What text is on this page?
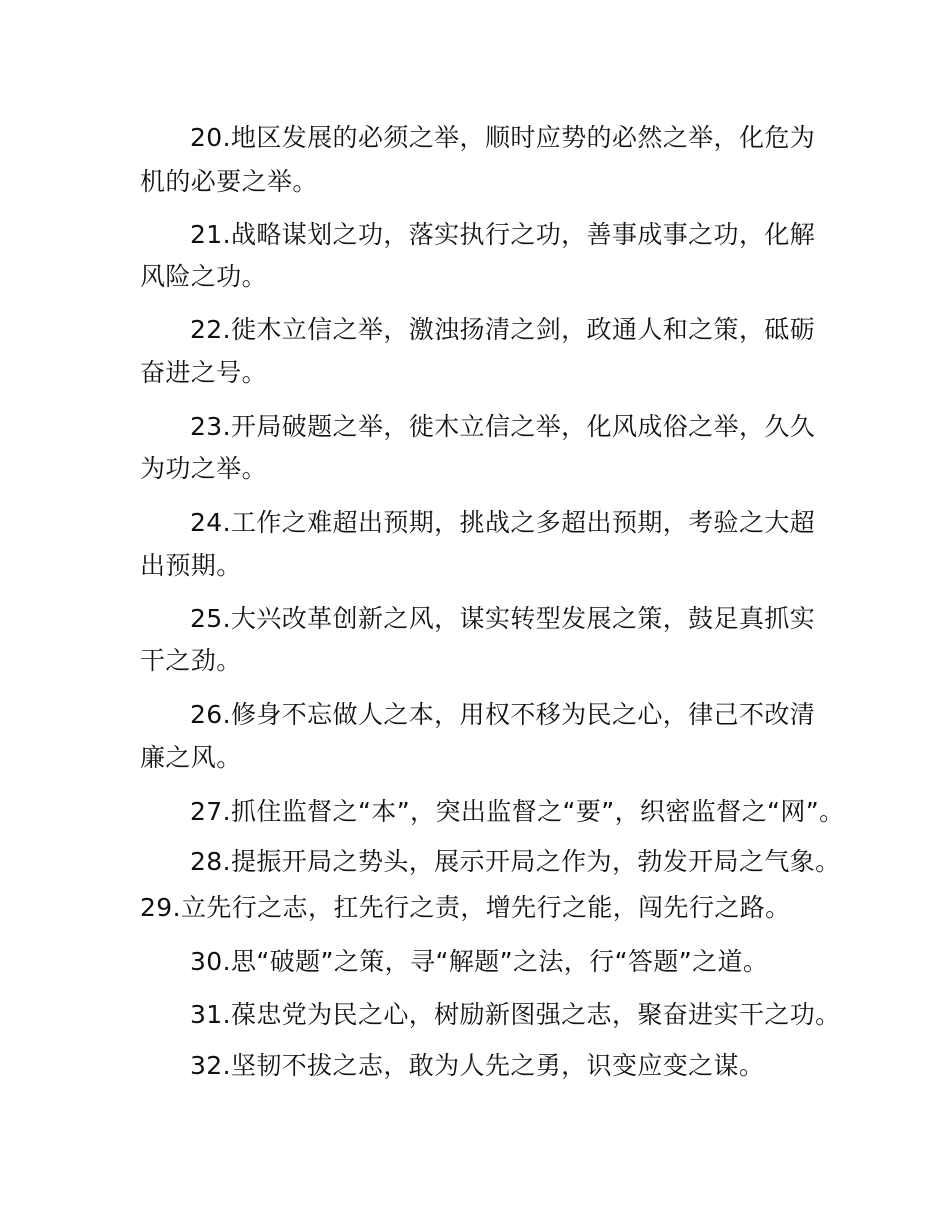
20.地区发展的必须之举，顺时应势的必然之举，化危为
机的必要之举。
21.战略谋划之功，落实执行之功，善事成事之功，化解
风险之功。
22.徙木立信之举，激浊扬清之剑，政通人和之策，砥砺
奋进之号。
23.开局破题之举，徙木立信之举，化风成俗之举，久久
为功之举。
24.工作之难超出预期，挑战之多超出预期，考验之大超
出预期。
25.大兴改革创新之风，谋实转型发展之策，鼓足真抓实
干之劲。
26.修身不忘做人之本，用权不移为民之心，律己不改清
廉之风。
27.抓住监督之“本”，突出监督之“要”，织密监督之“网”。
28.提振开局之势头，展示开局之作为，勃发开局之气象。
29.立先行之志，扛先行之责，增先行之能，闯先行之路。
30.思“破题”之策，寻“解题”之法，行“答题”之道。
31.葆忠党为民之心，树励新图强之志，聚奋进实干之功。
32.坚韧不拔之志，敢为人先之勇，识变应变之谋。
